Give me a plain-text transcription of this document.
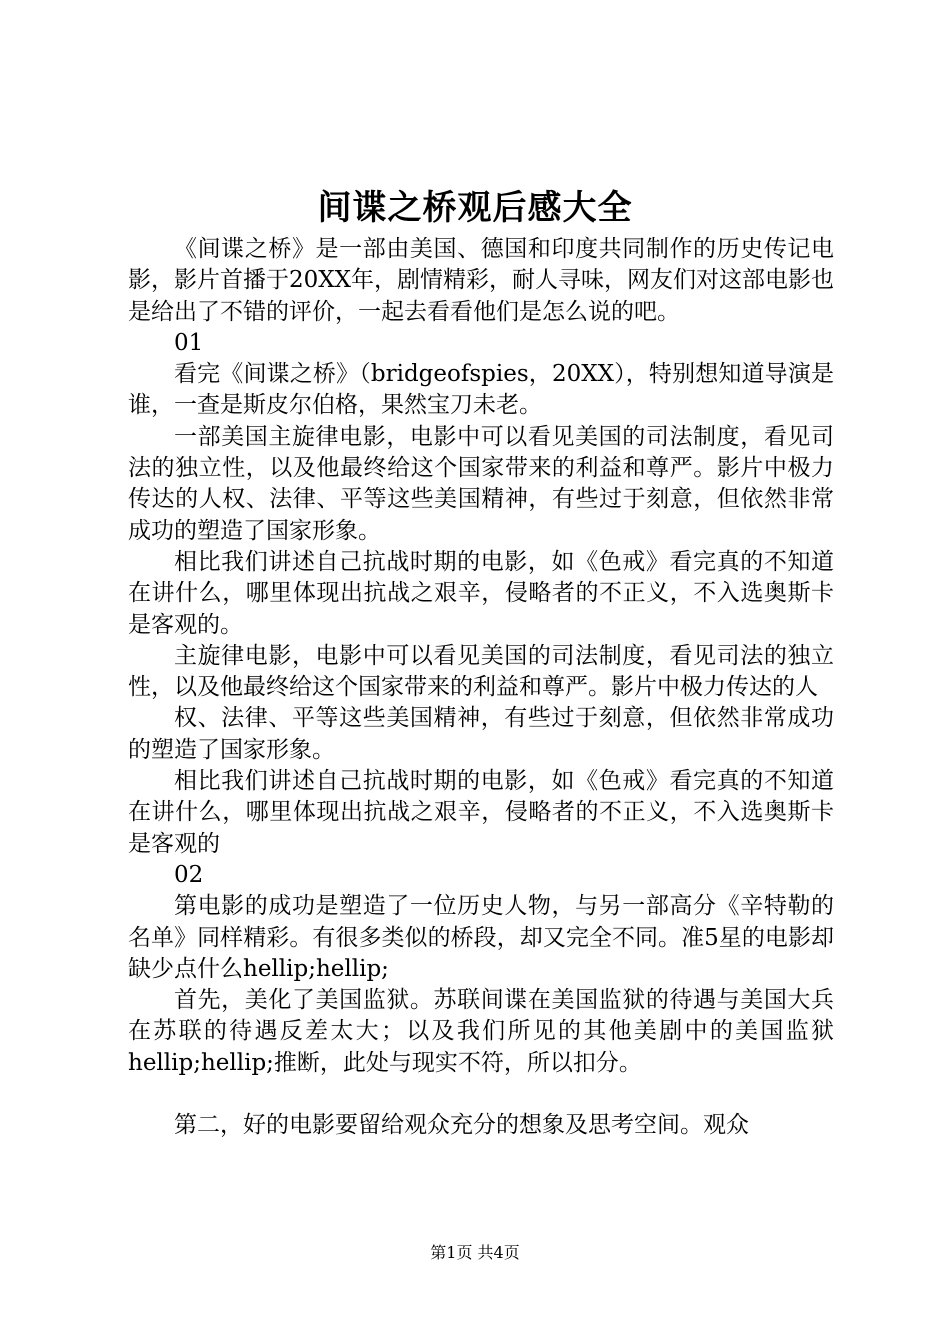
间谍之桥观后感大全

《间谍之桥》是一部由美国、德国和印度共同制作的历史传记电影，影片首播于20XX年，剧情精彩，耐人寻味，网友们对这部电影也是给出了不错的评价，一起去看看他们是怎么说的吧。

01

看完《间谍之桥》（bridgeofspies，20XX），特别想知道导演是谁，一查是斯皮尔伯格，果然宝刀未老。

一部美国主旋律电影，电影中可以看见美国的司法制度，看见司法的独立性，以及他最终给这个国家带来的利益和尊严。影片中极力传达的人权、法律、平等这些美国精神，有些过于刻意，但依然非常成功的塑造了国家形象。

相比我们讲述自己抗战时期的电影，如《色戒》看完真的不知道在讲什么，哪里体现出抗战之艰辛，侵略者的不正义，不入选奥斯卡是客观的。

主旋律电影，电影中可以看见美国的司法制度，看见司法的独立性，以及他最终给这个国家带来的利益和尊严。影片中极力传达的人

权、法律、平等这些美国精神，有些过于刻意，但依然非常成功的塑造了国家形象。

相比我们讲述自己抗战时期的电影，如《色戒》看完真的不知道在讲什么，哪里体现出抗战之艰辛，侵略者的不正义，不入选奥斯卡是客观的

02

第电影的成功是塑造了一位历史人物，与另一部高分《辛特勒的名单》同样精彩。有很多类似的桥段，却又完全不同。准5星的电影却缺少点什么hellip;hellip;

首先，美化了美国监狱。苏联间谍在美国监狱的待遇与美国大兵在苏联的待遇反差太大；以及我们所见的其他美剧中的美国监狱hellip;hellip;推断，此处与现实不符，所以扣分。

第二，好的电影要留给观众充分的想象及思考空间。观众

第1页 共4页
